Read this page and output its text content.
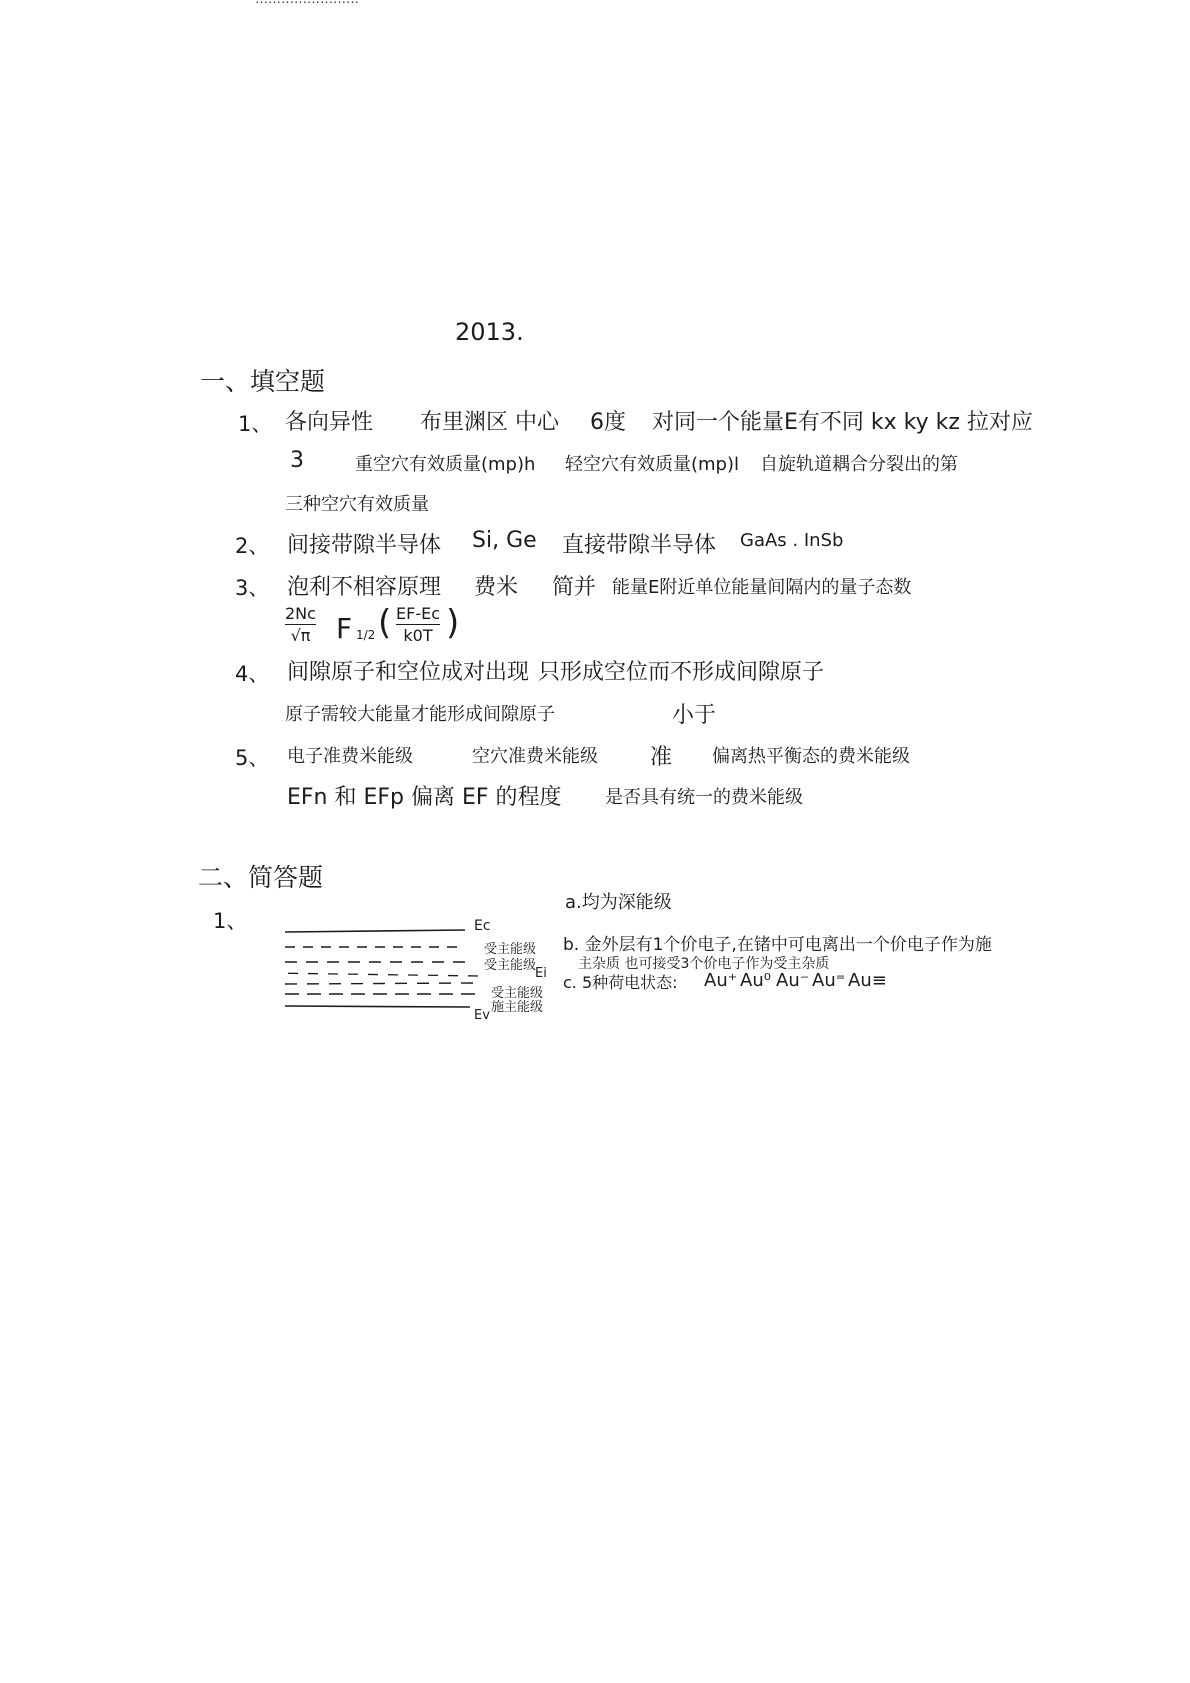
2013.
一、填空题
1、 各向异性 布里渊区 中心 6度 对同一个能量E有不同 kx ky kz 拉对应
3	重空穴有效质量(mp)h 轻空穴有效质量(mp)l 自旋轨道耦合分裂出的第
三种空穴有效质量
2、 间接带隙半导体 Si, Ge 直接带隙半导体 GaAs . InSb
3、 泡利不相容原理 费米 简并 能量E附近单位能量间隔内的量子态数
2Nc
√π F 1/2 ( EF-Ec
k0T )
4、 间隙原子和空位成对出现 只形成空位而不形成间隙原子
原子需较大能量才能形成间隙原子	小于
5、 电子准费米能级	空穴准费米能级 准 偏离热平衡态的费米能级
EFn 和 EFp 偏离 EF 的程度 是否具有统一的费米能级
二、简答题
1、	Ec
受主能级
受主能级
Ei
受主能级
施主能级
Ev
a.均为深能级
b. 金外层有1个价电子,在锗中可电离出一个价电子作为施
主杂质 也可接受3个价电子作为受主杂质
c. 5种荷电状态: Au⁺ Au⁰ Au⁻ Au⁼ Au≡
